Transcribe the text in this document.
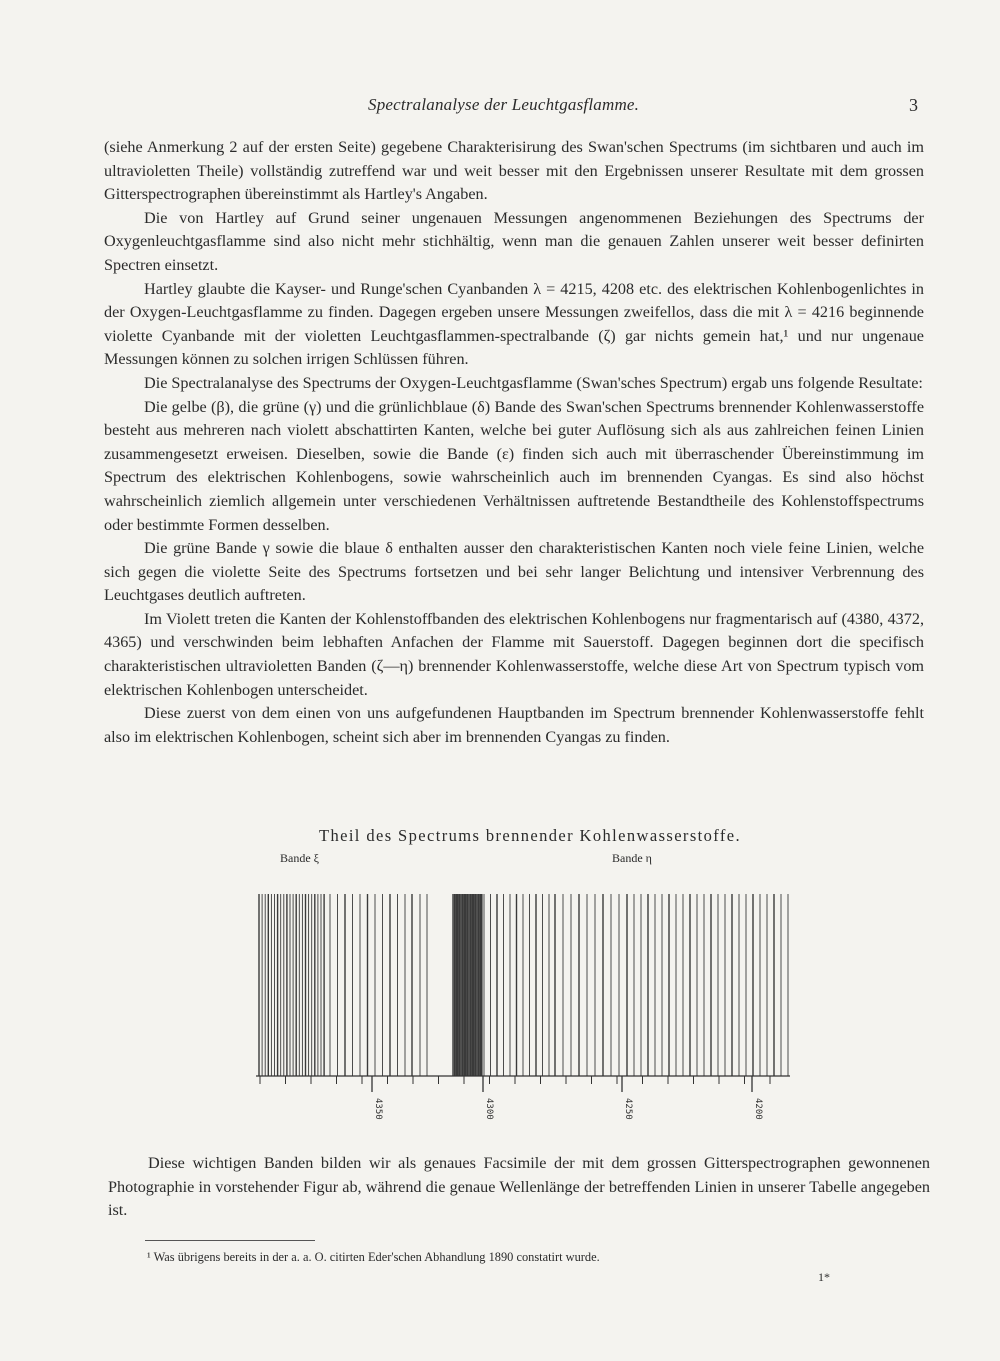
Spectralanalyse der Leuchtgasflamme.	3

(siehe Anmerkung 2 auf der ersten Seite) gegebene Charakterisirung des Swan'schen Spectrums (im sichtbaren und auch im ultravioletten Theile) vollständig zutreffend war und weit besser mit den Ergebnissen unserer Resultate mit dem grossen Gitterspectrographen übereinstimmt als Hartley's Angaben.

Die von Hartley auf Grund seiner ungenauen Messungen angenommenen Beziehungen des Spectrums der Oxygenleuchtgasflamme sind also nicht mehr stichhältig, wenn man die genauen Zahlen unserer weit besser definirten Spectren einsetzt.

Hartley glaubte die Kayser- und Runge'schen Cyanbanden λ = 4215, 4208 etc. des elektrischen Kohlenbogenlichtes in der Oxygen-Leuchtgasflamme zu finden. Dagegen ergeben unsere Messungen zweifellos, dass die mit λ = 4216 beginnende violette Cyanbande mit der violetten Leuchtgasflammen-spectralbande (ζ) gar nichts gemein hat,¹ und nur ungenaue Messungen können zu solchen irrigen Schlüssen führen.

Die Spectralanalyse des Spectrums der Oxygen-Leuchtgasflamme (Swan'sches Spectrum) ergab uns folgende Resultate:

Die gelbe (β), die grüne (γ) und die grünlichblaue (δ) Bande des Swan'schen Spectrums brennender Kohlenwasserstoffe besteht aus mehreren nach violett abschattirten Kanten, welche bei guter Auflösung sich als aus zahlreichen feinen Linien zusammengesetzt erweisen. Dieselben, sowie die Bande (ε) finden sich auch mit überraschender Übereinstimmung im Spectrum des elektrischen Kohlenbogens, sowie wahrscheinlich auch im brennenden Cyangas. Es sind also höchst wahrscheinlich ziemlich allgemein unter verschiedenen Verhältnissen auftretende Bestandtheile des Kohlenstoffspectrums oder bestimmte Formen desselben.

Die grüne Bande γ sowie die blaue δ enthalten ausser den charakteristischen Kanten noch viele feine Linien, welche sich gegen die violette Seite des Spectrums fortsetzen und bei sehr langer Belichtung und intensiver Verbrennung des Leuchtgases deutlich auftreten.

Im Violett treten die Kanten der Kohlenstoffbanden des elektrischen Kohlenbogens nur fragmentarisch auf (4380, 4372, 4365) und verschwinden beim lebhaften Anfachen der Flamme mit Sauerstoff. Dagegen beginnen dort die specifisch charakteristischen ultravioletten Banden (ζ—η) brennender Kohlenwasserstoffe, welche diese Art von Spectrum typisch vom elektrischen Kohlenbogen unterscheidet.

Diese zuerst von dem einen von uns aufgefundenen Hauptbanden im Spectrum brennender Kohlenwasserstoffe fehlt also im elektrischen Kohlenbogen, scheint sich aber im brennenden Cyangas zu finden.

Theil des Spectrums brennender Kohlenwasserstoffe.
Bande ξ	Bande η
4350	4300	4250	4200

Diese wichtigen Banden bilden wir als genaues Facsimile der mit dem grossen Gitterspectrographen gewonnenen Photographie in vorstehender Figur ab, während die genaue Wellenlänge der betreffenden Linien in unserer Tabelle angegeben ist.

¹ Was übrigens bereits in der a. a. O. citirten Eder'schen Abhandlung 1890 constatirt wurde.
1*
